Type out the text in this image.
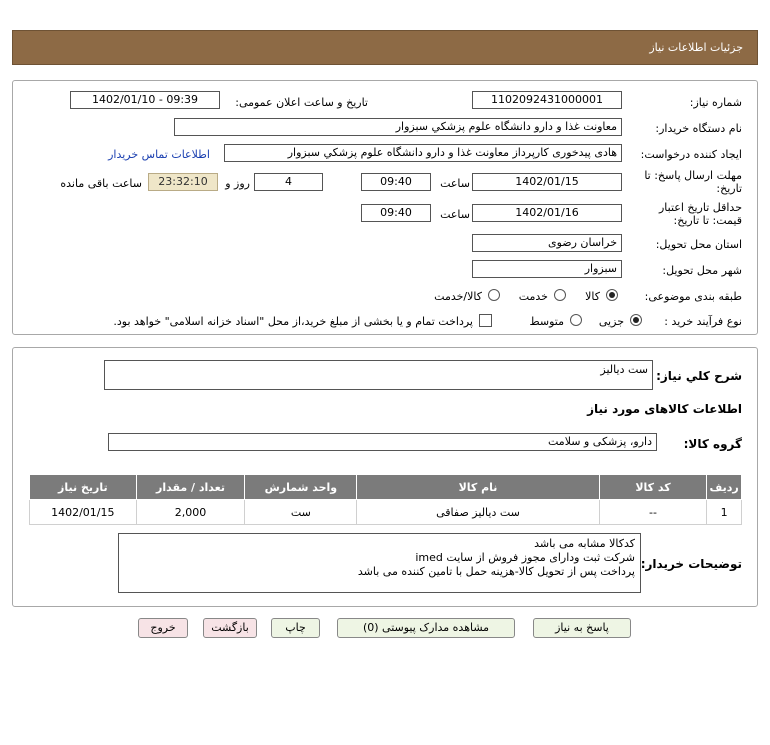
جزئیات اطلاعات نیاز
شماره نیاز:
1102092431000001
تاریخ و ساعت اعلان عمومی:
1402/01/10 - 09:39
نام دستگاه خریدار:
معاونت غذا و دارو دانشگاه علوم پزشکي سبزوار
ایجاد کننده درخواست:
هادی پیدخوری کارپرداز معاونت غذا و دارو دانشگاه علوم پزشکي سبزوار
اطلاعات تماس خریدار
مهلت ارسال پاسخ: تا
تاریخ:
1402/01/15
ساعت
09:40
4
روز و
23:32:10
ساعت باقی مانده
حداقل تاریخ اعتبار
قیمت: تا تاریخ:
1402/01/16
ساعت
09:40
استان محل تحویل:
خراسان رضوی
شهر محل تحویل:
سبزوار
طبقه بندی موضوعی:
کالا
خدمت
کالا/خدمت
نوع فرآیند خرید :
جزیی
متوسط
پرداخت تمام و یا بخشی از مبلغ خرید،از محل "اسناد خزانه اسلامی" خواهد بود.
شرح کلي نياز:
ست دیالیز
اطلاعات کالاهای مورد نیاز
گروه کالا:
دارو، پزشکی و سلامت
ردیف	کد کالا	نام کالا	واحد شمارش	تعداد / مقدار	تاریخ نیاز
1	--	ست دیالیز صفاقی	ست	2,000	1402/01/15
توضیحات خریدار:
کدکالا مشابه می باشد
شرکت ثبت ودارای مجوز فروش از سایت imed
پرداخت پس از تحویل کالا-هزینه حمل با تامین کننده می باشد
پاسخ به نیاز
مشاهده مدارک پیوستی (0)
چاپ
بازگشت
خروج
